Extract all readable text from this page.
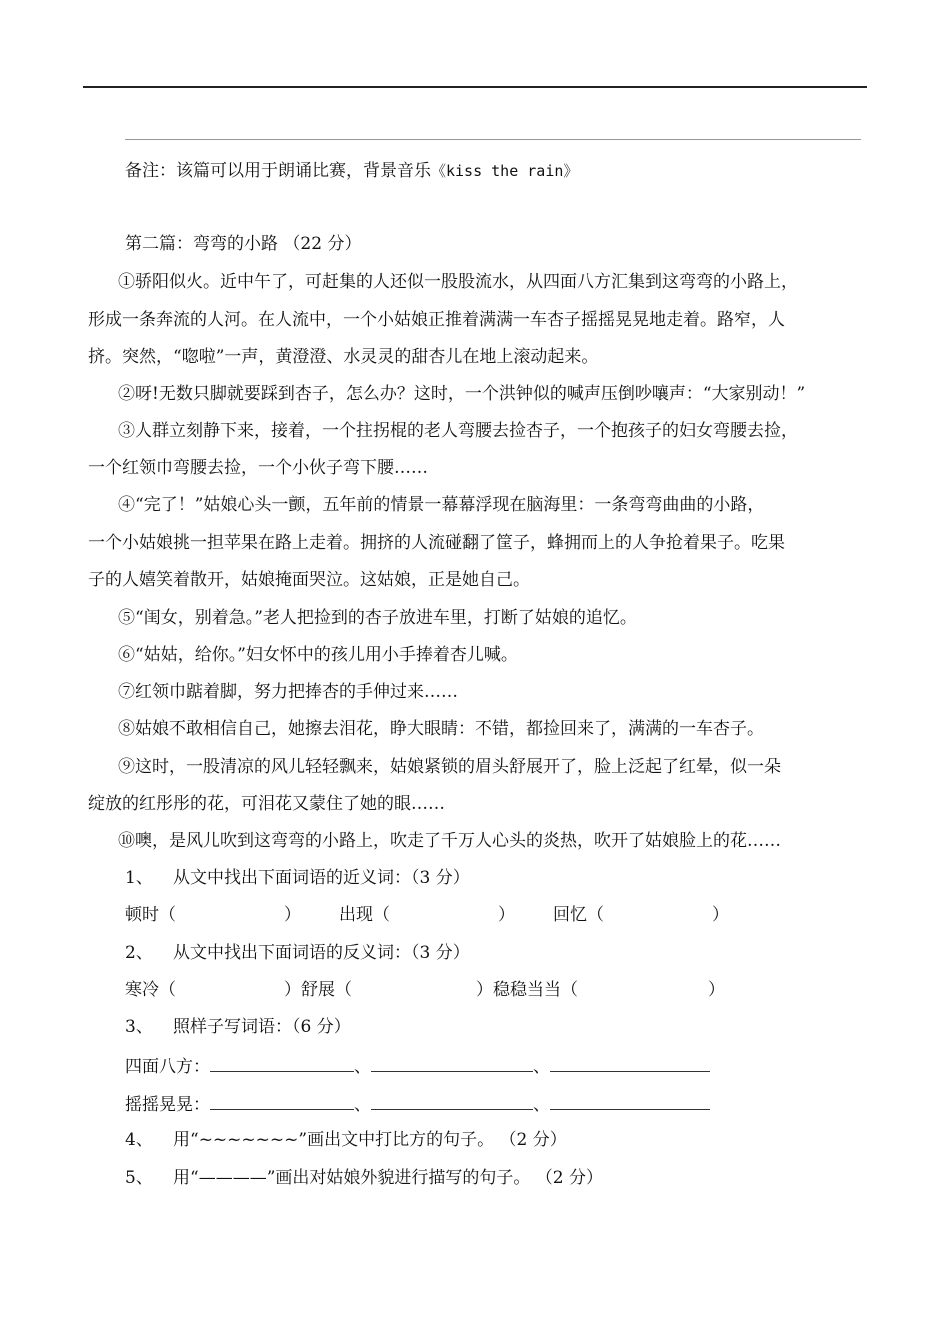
备注：该篇可以用于朗诵比赛，背景音乐《kiss the rain》
第二篇：弯弯的小路 （22 分）
①骄阳似火。近中午了，可赶集的人还似一股股流水，从四面八方汇集到这弯弯的小路上，
形成一条奔流的人河。在人流中，一个小姑娘正推着满满一车杏子摇摇晃晃地走着。路窄，人
挤。突然，“唿啦”一声，黄澄澄、水灵灵的甜杏儿在地上滚动起来。
②呀!无数只脚就要踩到杏子，怎么办？这时，一个洪钟似的喊声压倒吵嚷声：“大家别动！”
③人群立刻静下来，接着，一个拄拐棍的老人弯腰去捡杏子，一个抱孩子的妇女弯腰去捡，
一个红领巾弯腰去捡，一个小伙子弯下腰……
④“完了！”姑娘心头一颤，五年前的情景一幕幕浮现在脑海里：一条弯弯曲曲的小路，
一个小姑娘挑一担苹果在路上走着。拥挤的人流碰翻了筐子，蜂拥而上的人争抢着果子。吃果
子的人嬉笑着散开，姑娘掩面哭泣。这姑娘，正是她自己。
⑤“闺女，别着急。”老人把捡到的杏子放进车里，打断了姑娘的追忆。
⑥“姑姑，给你。”妇女怀中的孩儿用小手捧着杏儿喊。
⑦红领巾踮着脚，努力把捧杏的手伸过来……
⑧姑娘不敢相信自己，她擦去泪花，睁大眼睛：不错，都捡回来了，满满的一车杏子。
⑨这时，一股清凉的风儿轻轻飘来，姑娘紧锁的眉头舒展开了，脸上泛起了红晕，似一朵
绽放的红彤彤的花，可泪花又蒙住了她的眼……
⑩噢，是风儿吹到这弯弯的小路上，吹走了千万人心头的炎热，吹开了姑娘脸上的花……
1、 从文中找出下面词语的近义词：（3 分）
顿时（	） 出现（	） 回忆（	）
2、 从文中找出下面词语的反义词：（3 分）
寒冷（	）舒展（	）稳稳当当（	）
3、 照样子写词语：（6 分）
四面八方：	、	、
摇摇晃晃：	、	、
4、 用“~~~~~~~”画出文中打比方的句子。 （2 分）
5、 用“————”画出对姑娘外貌进行描写的句子。 （2 分）
